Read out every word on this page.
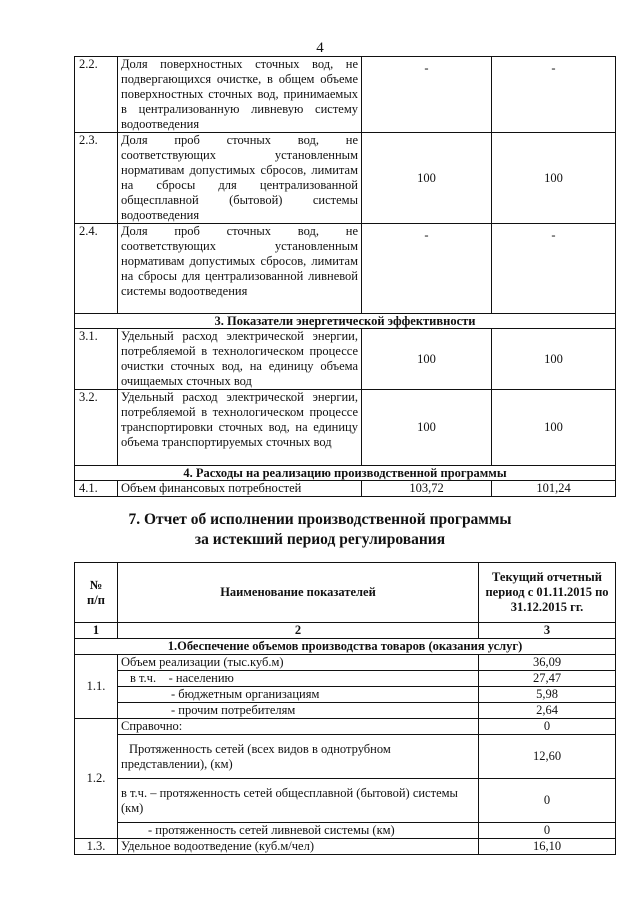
4
2.2.	Доля поверхностных сточных вод, не подвергающихся очистке, в общем объеме поверхностных сточных вод, принимаемых в централизованную ливневую систему водоотведения	-	-
2.3.	Доля проб сточных вод, не соответствующих установленным нормативам допустимых сбросов, лимитам на сбросы для централизованной общесплавной (бытовой) системы водоотведения	100	100
2.4.	Доля проб сточных вод, не соответствующих установленным нормативам допустимых сбросов, лимитам на сбросы для централизованной ливневой системы водоотведения	-	-
3. Показатели энергетической эффективности			
3.1.	Удельный расход электрической энергии, потребляемой в технологическом процессе очистки сточных вод, на единицу объема очищаемых сточных вод	100	100
3.2.	Удельный расход электрической энергии, потребляемой в технологическом процессе транспортировки сточных вод, на единицу объема транспортируемых сточных вод	100	100
4. Расходы на реализацию производственной программы			
4.1.	Объем финансовых потребностей	103,72	101,24
7. Отчет об исполнении производственной программы
за истекший период регулирования
№ п/п	Наименование показателей	Текущий отчетный период с 01.11.2015 по 31.12.2015 гг.
1	2	3
1.Обеспечение объемов производства товаров (оказания услуг)		
1.1.	Объем реализации (тыс.куб.м)	36,09
	в т.ч.    - населению	27,47
	- бюджетным организациям	5,98
	- прочим потребителям	2,64
1.2.	Справочно:	0
	Протяженность сетей (всех видов в однотрубном представлении), (км)	12,60
	в т.ч. – протяженность сетей общесплавной (бытовой) системы (км)	0
	- протяженность сетей ливневой системы (км)	0
1.3.	Удельное водоотведение (куб.м/чел)	16,10
